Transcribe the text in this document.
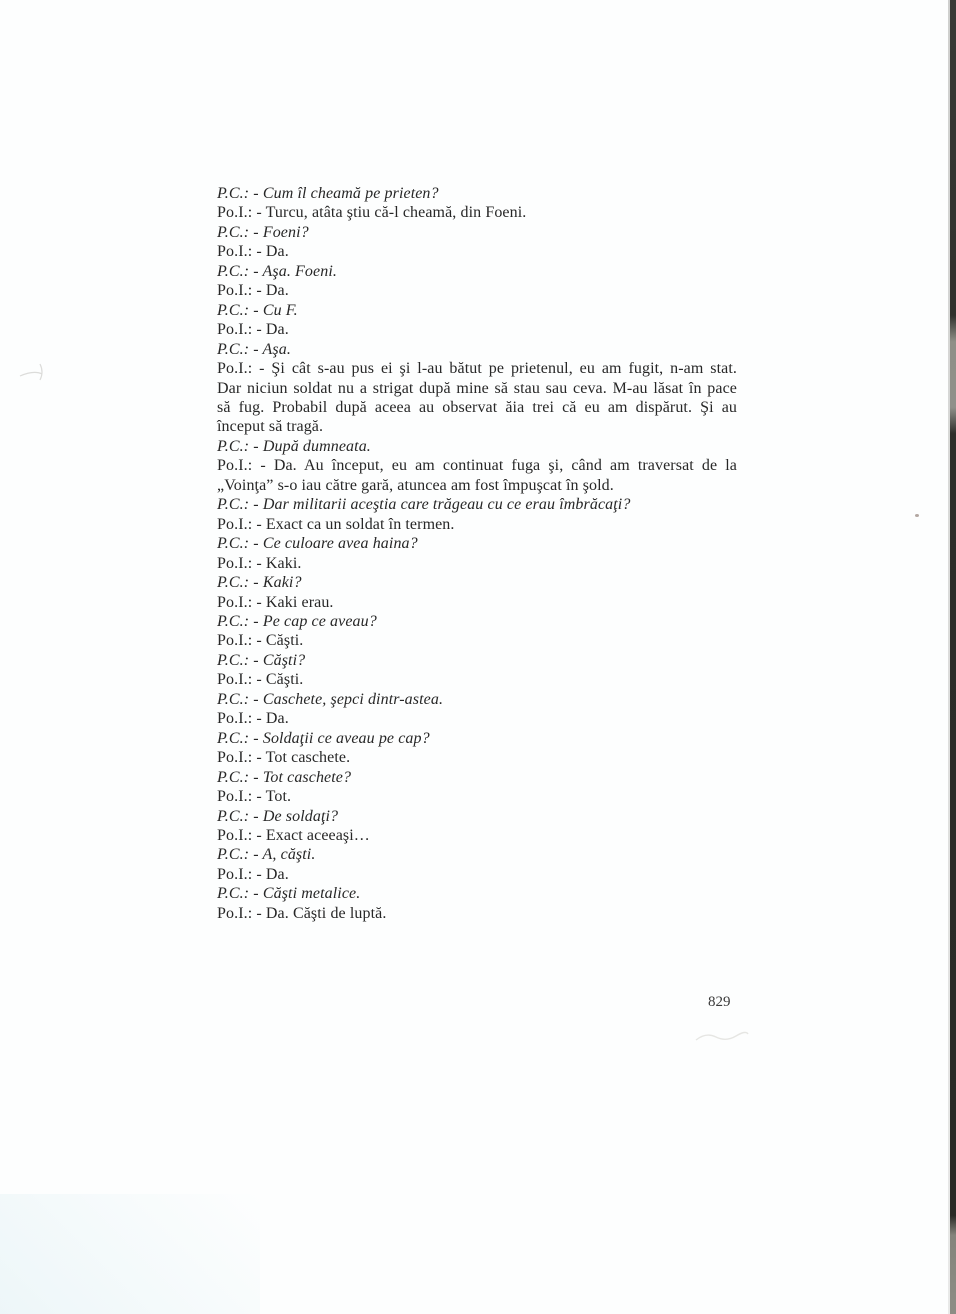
P.C.: - Cum îl cheamă pe prieten?
Po.I.: - Turcu, atâta ştiu că-l cheamă, din Foeni.
P.C.: - Foeni?
Po.I.: - Da.
P.C.: - Aşa. Foeni.
Po.I.: - Da.
P.C.: - Cu F.
Po.I.: - Da.
P.C.: - Aşa.
Po.I.: - Şi cât s-au pus ei şi l-au bătut pe prietenul, eu am fugit, n-am stat.
Dar niciun soldat nu a strigat după mine să stau sau ceva. M-au lăsat în pace
să fug. Probabil după aceea au observat ăia trei că eu am dispărut. Şi au
început să tragă.
P.C.: - După dumneata.
Po.I.: - Da. Au început, eu am continuat fuga şi, când am traversat de la
„Voinţa” s-o iau către gară, atuncea am fost împuşcat în şold.
P.C.: - Dar militarii aceştia care trăgeau cu ce erau îmbrăcaţi?
Po.I.: - Exact ca un soldat în termen.
P.C.: - Ce culoare avea haina?
Po.I.: - Kaki.
P.C.: - Kaki?
Po.I.: - Kaki erau.
P.C.: - Pe cap ce aveau?
Po.I.: - Căşti.
P.C.: - Căşti?
Po.I.: - Căşti.
P.C.: - Caschete, şepci dintr-astea.
Po.I.: - Da.
P.C.: - Soldaţii ce aveau pe cap?
Po.I.: - Tot caschete.
P.C.: - Tot caschete?
Po.I.: - Tot.
P.C.: - De soldaţi?
Po.I.: - Exact aceeaşi…
P.C.: - A, căşti.
Po.I.: - Da.
P.C.: - Căşti metalice.
Po.I.: - Da. Căşti de luptă.
829
